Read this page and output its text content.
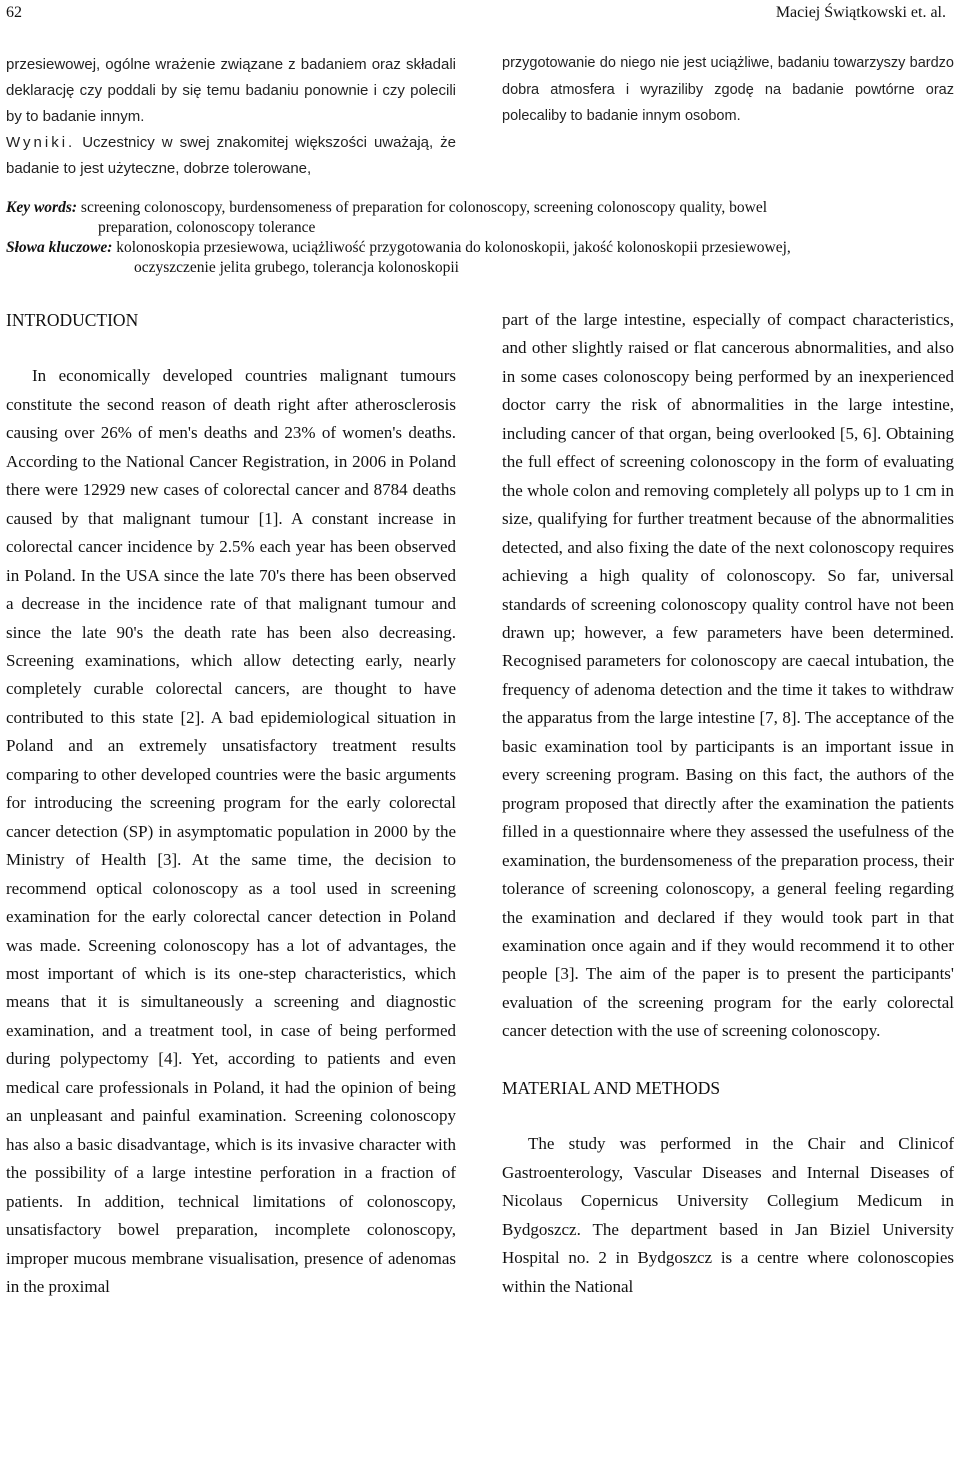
62	Maciej Świątkowski et. al.
przesiewowej, ogólne wrażenie związane z badaniem oraz składali deklarację czy poddali by się temu badaniu ponownie i czy polecili by to badanie innym.
Wyniki. Uczestnicy w swej znakomitej większości uważają, że badanie to jest użyteczne, dobrze tolerowane,
przygotowanie do niego nie jest uciążliwe, badaniu towarzyszy bardzo dobra atmosfera i wyraziliby zgodę na badanie powtórne oraz polecaliby to badanie innym osobom.
Key words: screening colonoscopy, burdensomeness of preparation for colonoscopy, screening colonoscopy quality, bowel
preparation, colonoscopy tolerance
Słowa kluczowe: kolonoskopia przesiewowa, uciążliwość przygotowania do kolonoskopii, jakość kolonoskopii przesiewowej,
oczyszczenie jelita grubego, tolerancja kolonoskopii
INTRODUCTION

In economically developed countries malignant tumours constitute the second reason of death right after atherosclerosis causing over 26% of men's deaths and 23% of women's deaths. According to the National Cancer Registration, in 2006 in Poland there were 12929 new cases of colorectal cancer and 8784 deaths caused by that malignant tumour [1]. A constant increase in colorectal cancer incidence by 2.5% each year has been observed in Poland. In the USA since the late 70's there has been observed a decrease in the incidence rate of that malignant tumour and since the late 90's the death rate has been also decreasing. Screening examinations, which allow detecting early, nearly completely curable colorectal cancers, are thought to have contributed to this state [2]. A bad epidemiological situation in Poland and an extremely unsatisfactory treatment results comparing to other developed countries were the basic arguments for introducing the screening program for the early colorectal cancer detection (SP) in asymptomatic population in 2000 by the Ministry of Health [3]. At the same time, the decision to recommend optical colonoscopy as a tool used in screening examination for the early colorectal cancer detection in Poland was made. Screening colonoscopy has a lot of advantages, the most important of which is its one-step characteristics, which means that it is simultaneously a screening and diagnostic examination, and a treatment tool, in case of being performed during polypectomy [4]. Yet, according to patients and even medical care professionals in Poland, it had the opinion of being an unpleasant and painful examination. Screening colonoscopy has also a basic disadvantage, which is its invasive character with the possibility of a large intestine perforation in a fraction of patients. In addition, technical limitations of colonoscopy, unsatisfactory bowel preparation, incomplete colonoscopy, improper mucous membrane visualisation, presence of adenomas in the proximal

part of the large intestine, especially of compact characteristics, and other slightly raised or flat cancerous abnormalities, and also in some cases colonoscopy being performed by an inexperienced doctor carry the risk of abnormalities in the large intestine, including cancer of that organ, being overlooked [5, 6]. Obtaining the full effect of screening colonoscopy in the form of evaluating the whole colon and removing completely all polyps up to 1 cm in size, qualifying for further treatment because of the abnormalities detected, and also fixing the date of the next colonoscopy requires achieving a high quality of colonoscopy. So far, universal standards of screening colonoscopy quality control have not been drawn up; however, a few parameters have been determined. Recognised parameters for colonoscopy are caecal intubation, the frequency of adenoma detection and the time it takes to withdraw the apparatus from the large intestine [7, 8]. The acceptance of the basic examination tool by participants is an important issue in every screening program. Basing on this fact, the authors of the program proposed that directly after the examination the patients filled in a questionnaire where they assessed the usefulness of the examination, the burdensomeness of the preparation process, their tolerance of screening colonoscopy, a general feeling regarding the examination and declared if they would took part in that examination once again and if they would recommend it to other people [3]. The aim of the paper is to present the participants' evaluation of the screening program for the early colorectal cancer detection with the use of screening colonoscopy.

MATERIAL AND METHODS

The study was performed in the Chair and Clinicof Gastroenterology, Vascular Diseases and Internal Diseases of Nicolaus Copernicus University Collegium Medicum in Bydgoszcz. The department based in Jan Biziel University Hospital no. 2 in Bydgoszcz is a centre where colonoscopies within the National
